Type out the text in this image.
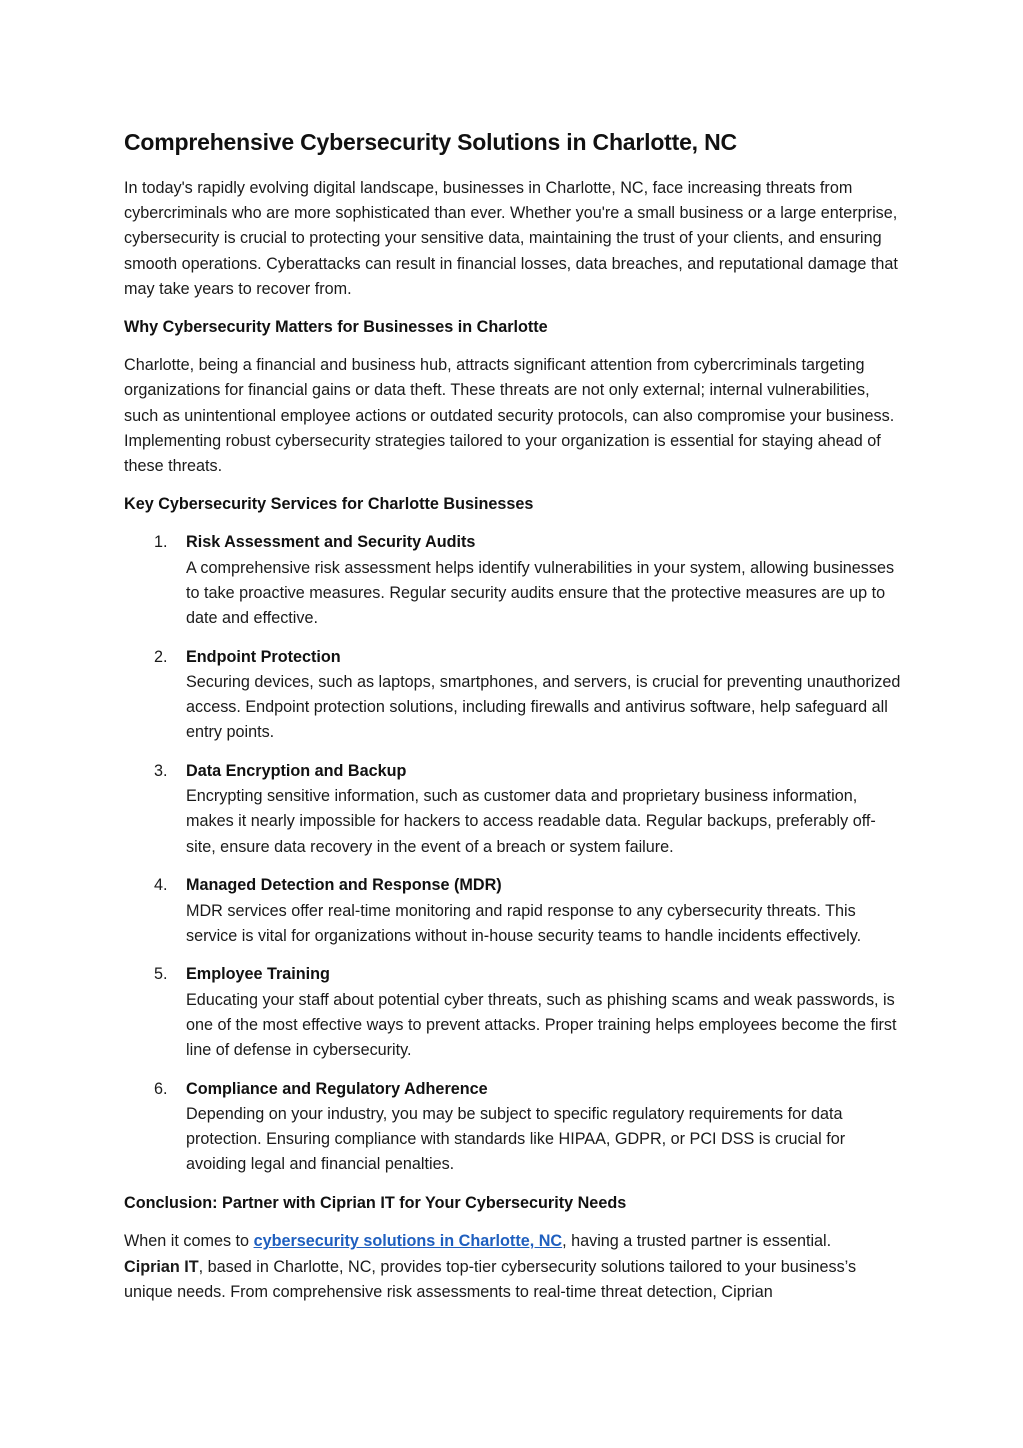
Comprehensive Cybersecurity Solutions in Charlotte, NC

In today's rapidly evolving digital landscape, businesses in Charlotte, NC, face increasing threats from cybercriminals who are more sophisticated than ever. Whether you're a small business or a large enterprise, cybersecurity is crucial to protecting your sensitive data, maintaining the trust of your clients, and ensuring smooth operations. Cyberattacks can result in financial losses, data breaches, and reputational damage that may take years to recover from.

Why Cybersecurity Matters for Businesses in Charlotte

Charlotte, being a financial and business hub, attracts significant attention from cybercriminals targeting organizations for financial gains or data theft. These threats are not only external; internal vulnerabilities, such as unintentional employee actions or outdated security protocols, can also compromise your business. Implementing robust cybersecurity strategies tailored to your organization is essential for staying ahead of these threats.

Key Cybersecurity Services for Charlotte Businesses
1. Risk Assessment and Security Audits
A comprehensive risk assessment helps identify vulnerabilities in your system, allowing businesses to take proactive measures. Regular security audits ensure that the protective measures are up to date and effective.
2. Endpoint Protection
Securing devices, such as laptops, smartphones, and servers, is crucial for preventing unauthorized access. Endpoint protection solutions, including firewalls and antivirus software, help safeguard all entry points.
3. Data Encryption and Backup
Encrypting sensitive information, such as customer data and proprietary business information, makes it nearly impossible for hackers to access readable data. Regular backups, preferably off-site, ensure data recovery in the event of a breach or system failure.
4. Managed Detection and Response (MDR)
MDR services offer real-time monitoring and rapid response to any cybersecurity threats. This service is vital for organizations without in-house security teams to handle incidents effectively.
5. Employee Training
Educating your staff about potential cyber threats, such as phishing scams and weak passwords, is one of the most effective ways to prevent attacks. Proper training helps employees become the first line of defense in cybersecurity.
6. Compliance and Regulatory Adherence
Depending on your industry, you may be subject to specific regulatory requirements for data protection. Ensuring compliance with standards like HIPAA, GDPR, or PCI DSS is crucial for avoiding legal and financial penalties.
Conclusion: Partner with Ciprian IT for Your Cybersecurity Needs

When it comes to cybersecurity solutions in Charlotte, NC, having a trusted partner is essential.
Ciprian IT, based in Charlotte, NC, provides top-tier cybersecurity solutions tailored to your business’s unique needs. From comprehensive risk assessments to real-time threat detection, Ciprian
